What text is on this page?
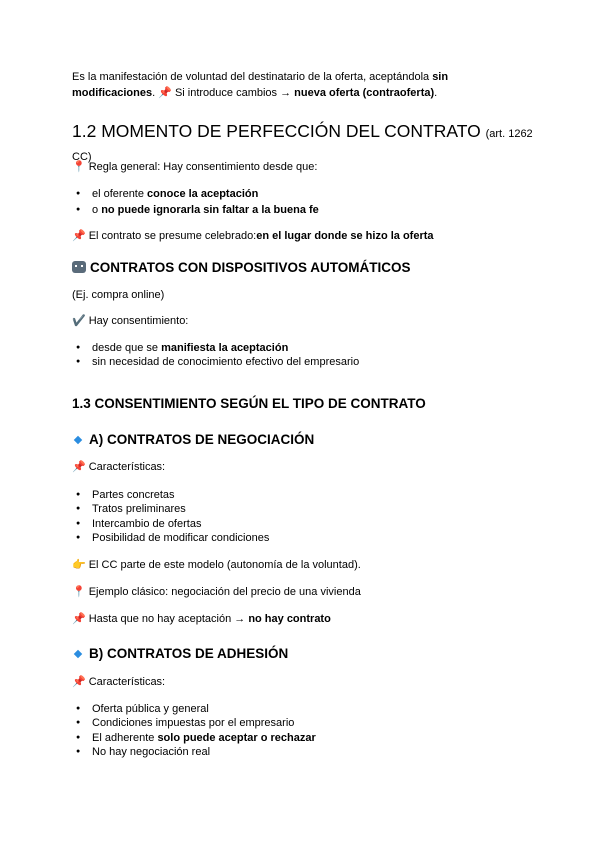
Es la manifestación de voluntad del destinatario de la oferta, aceptándola sin
modificaciones. 📌 Si introduce cambios → nueva oferta (contraoferta).
1.2 MOMENTO DE PERFECCIÓN DEL CONTRATO (art. 1262 CC)
📍 Regla general: Hay consentimiento desde que:
● el oferente conoce la aceptación
● o no puede ignorarla sin faltar a la buena fe
📌 El contrato se presume celebrado:en el lugar donde se hizo la oferta
CONTRATOS CON DISPOSITIVOS AUTOMÁTICOS
(Ej. compra online)
✔️ Hay consentimiento:
● desde que se manifiesta la aceptación
● sin necesidad de conocimiento efectivo del empresario
1.3 CONSENTIMIENTO SEGÚN EL TIPO DE CONTRATO
A) CONTRATOS DE NEGOCIACIÓN
📌 Características:
● Partes concretas
● Tratos preliminares
● Intercambio de ofertas
● Posibilidad de modificar condiciones
👉 El CC parte de este modelo (autonomía de la voluntad).
📍 Ejemplo clásico: negociación del precio de una vivienda
📌 Hasta que no hay aceptación → no hay contrato
B) CONTRATOS DE ADHESIÓN
📌 Características:
● Oferta pública y general
● Condiciones impuestas por el empresario
● El adherente solo puede aceptar o rechazar
● No hay negociación real
